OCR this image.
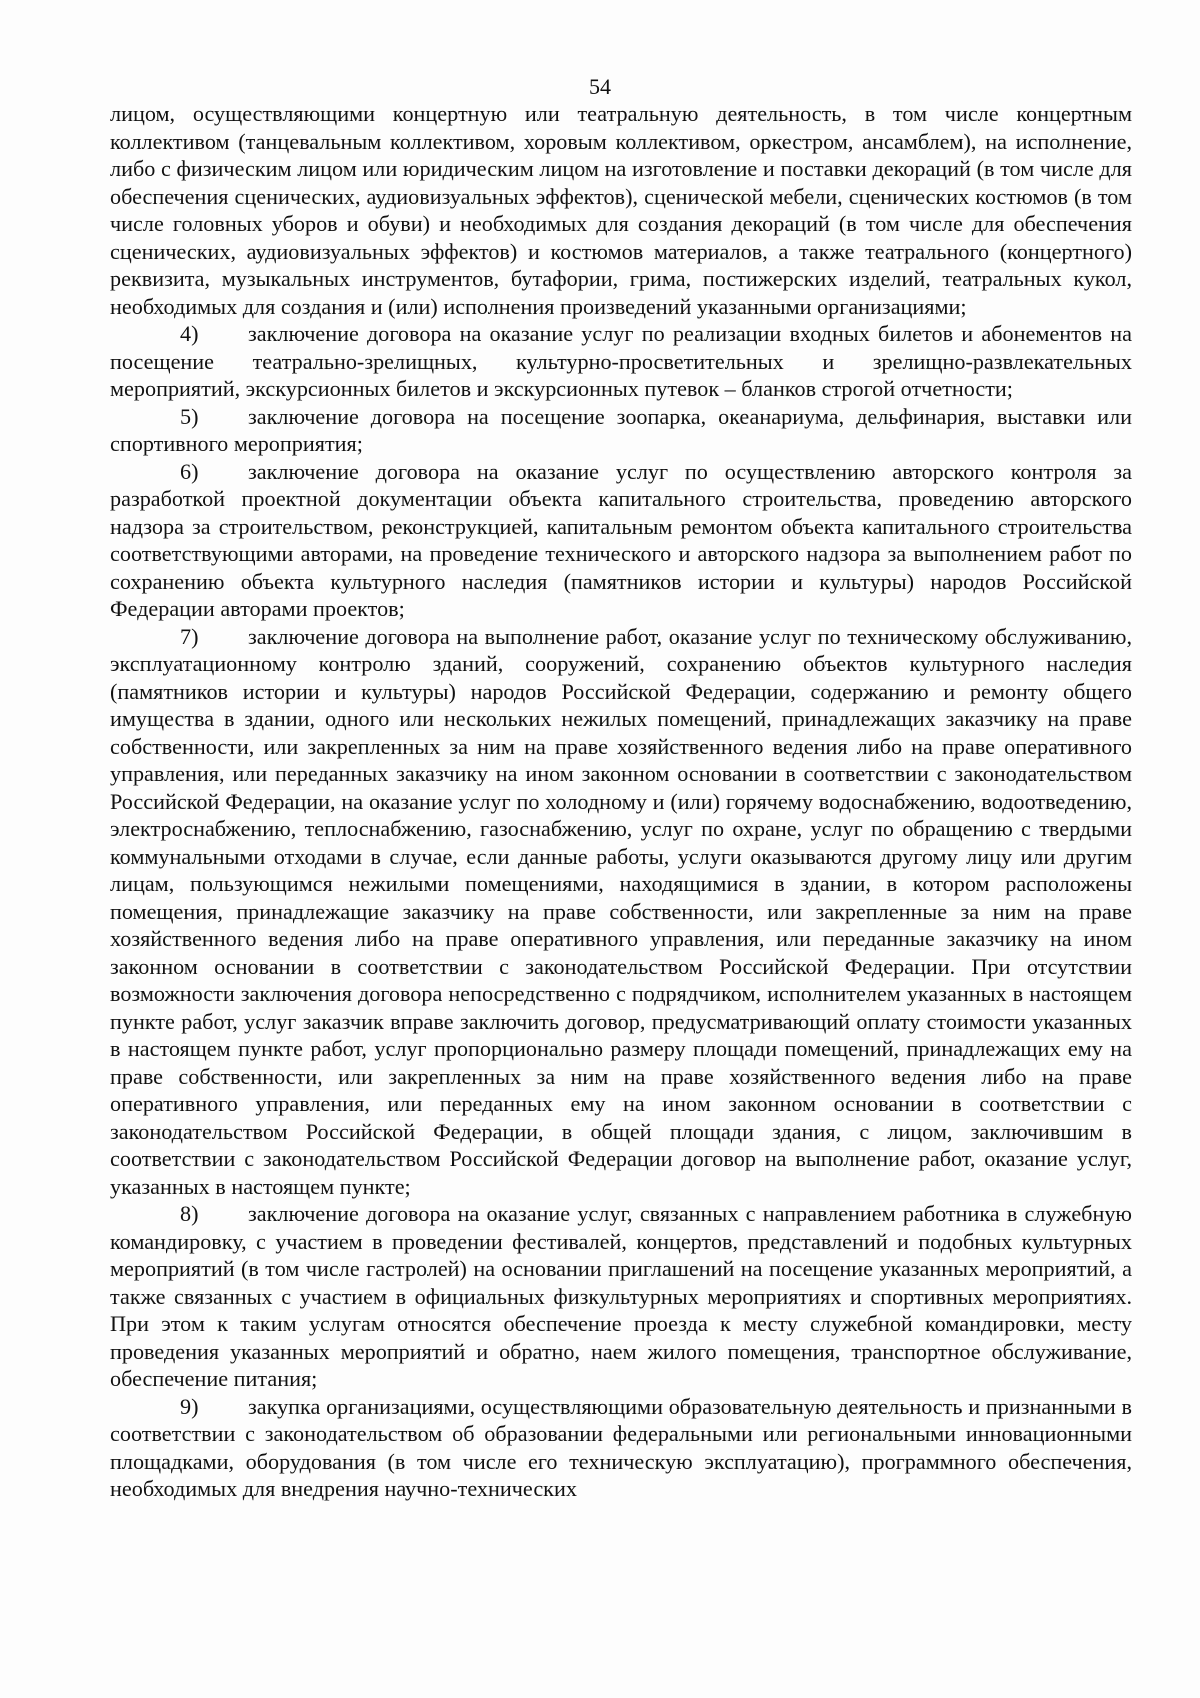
54

лицом, осуществляющими концертную или театральную деятельность, в том числе концертным коллективом (танцевальным коллективом, хоровым коллективом, оркестром, ансамблем), на исполнение, либо с физическим лицом или юридическим лицом на изготовление и поставки декораций (в том числе для обеспечения сценических, аудиовизуальных эффектов), сценической мебели, сценических костюмов (в том числе головных уборов и обуви) и необходимых для создания декораций (в том числе для обеспечения сценических, аудиовизуальных эффектов) и костюмов материалов, а также театрального (концертного) реквизита, музыкальных инструментов, бутафории, грима, постижерских изделий, театральных кукол, необходимых для создания и (или) исполнения произведений указанными организациями;

4) заключение договора на оказание услуг по реализации входных билетов и абонементов на посещение театрально-зрелищных, культурно-просветительных и зрелищно-развлекательных мероприятий, экскурсионных билетов и экскурсионных путевок – бланков строгой отчетности;

5) заключение договора на посещение зоопарка, океанариума, дельфинария, выставки или спортивного мероприятия;

6) заключение договора на оказание услуг по осуществлению авторского контроля за разработкой проектной документации объекта капитального строительства, проведению авторского надзора за строительством, реконструкцией, капитальным ремонтом объекта капитального строительства соответствующими авторами, на проведение технического и авторского надзора за выполнением работ по сохранению объекта культурного наследия (памятников истории и культуры) народов Российской Федерации авторами проектов;

7) заключение договора на выполнение работ, оказание услуг по техническому обслуживанию, эксплуатационному контролю зданий, сооружений, сохранению объектов культурного наследия (памятников истории и культуры) народов Российской Федерации, содержанию и ремонту общего имущества в здании, одного или нескольких нежилых помещений, принадлежащих заказчику на праве собственности, или закрепленных за ним на праве хозяйственного ведения либо на праве оперативного управления, или переданных заказчику на ином законном основании в соответствии с законодательством Российской Федерации, на оказание услуг по холодному и (или) горячему водоснабжению, водоотведению, электроснабжению, теплоснабжению, газоснабжению, услуг по охране, услуг по обращению с твердыми коммунальными отходами в случае, если данные работы, услуги оказываются другому лицу или другим лицам, пользующимся нежилыми помещениями, находящимися в здании, в котором расположены помещения, принадлежащие заказчику на праве собственности, или закрепленные за ним на праве хозяйственного ведения либо на праве оперативного управления, или переданные заказчику на ином законном основании в соответствии с законодательством Российской Федерации. При отсутствии возможности заключения договора непосредственно с подрядчиком, исполнителем указанных в настоящем пункте работ, услуг заказчик вправе заключить договор, предусматривающий оплату стоимости указанных в настоящем пункте работ, услуг пропорционально размеру площади помещений, принадлежащих ему на праве собственности, или закрепленных за ним на праве хозяйственного ведения либо на праве оперативного управления, или переданных ему на ином законном основании в соответствии с законодательством Российской Федерации, в общей площади здания, с лицом, заключившим в соответствии с законодательством Российской Федерации договор на выполнение работ, оказание услуг, указанных в настоящем пункте;

8) заключение договора на оказание услуг, связанных с направлением работника в служебную командировку, с участием в проведении фестивалей, концертов, представлений и подобных культурных мероприятий (в том числе гастролей) на основании приглашений на посещение указанных мероприятий, а также связанных с участием в официальных физкультурных мероприятиях и спортивных мероприятиях. При этом к таким услугам относятся обеспечение проезда к месту служебной командировки, месту проведения указанных мероприятий и обратно, наем жилого помещения, транспортное обслуживание, обеспечение питания;

9) закупка организациями, осуществляющими образовательную деятельность и признанными в соответствии с законодательством об образовании федеральными или региональными инновационными площадками, оборудования (в том числе его техническую эксплуатацию), программного обеспечения, необходимых для внедрения научно-технических
